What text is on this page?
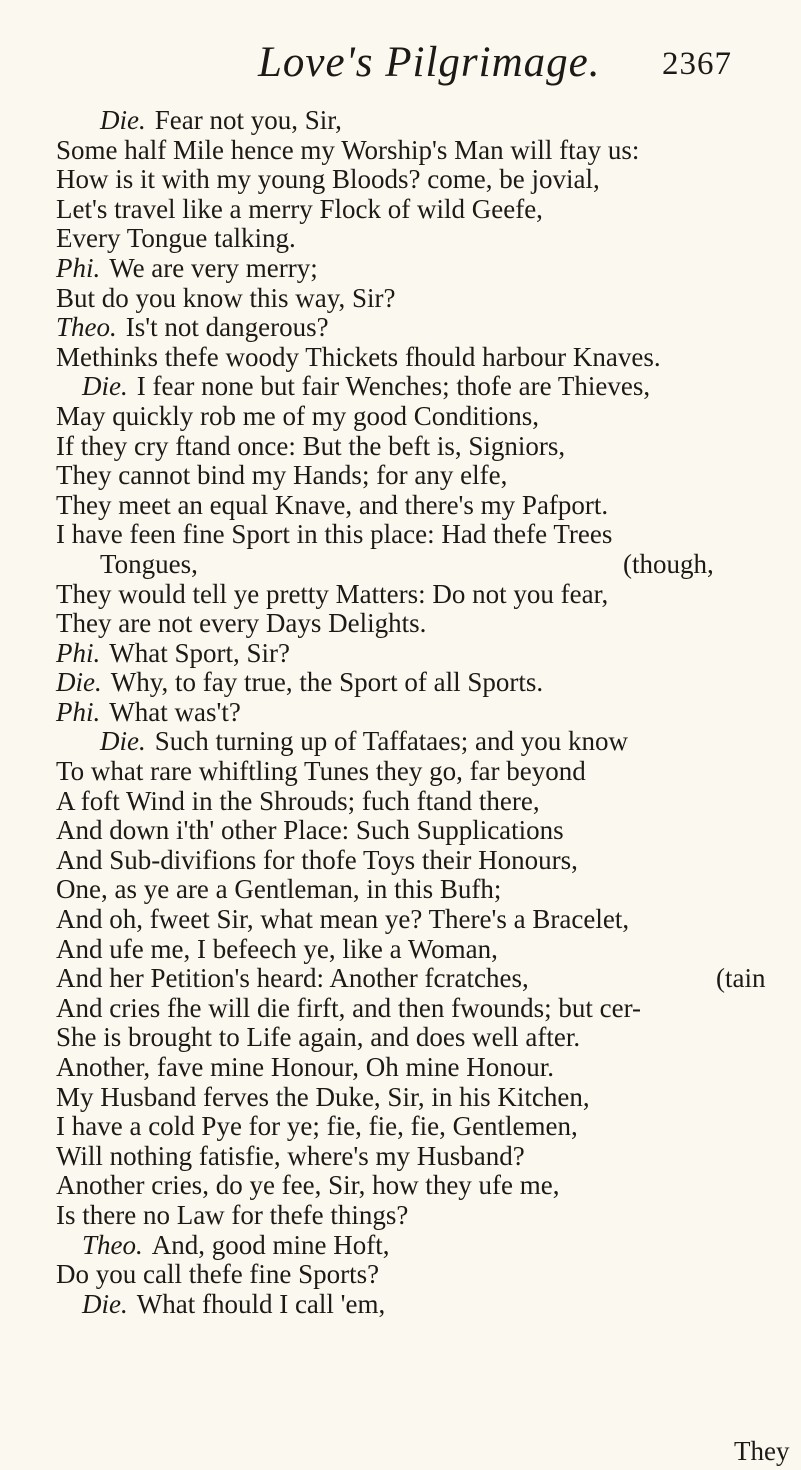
Love's Pilgrimage. 2367
Die. Fear not you, Sir,
Some half Mile hence my Worship's Man will ftay us:
How is it with my young Bloods? come, be jovial,
Let's travel like a merry Flock of wild Geefe,
Every Tongue talking.
Phi. We are very merry;
But do you know this way, Sir?
Theo. Is't not dangerous?
Methinks thefe woody Thickets fhould harbour Knaves.
Die. I fear none but fair Wenches; thofe are Thieves,
May quickly rob me of my good Conditions,
If they cry ftand once: But the beft is, Signiors,
They cannot bind my Hands; for any elfe,
They meet an equal Knave, and there's my Pafport.
I have feen fine Sport in this place: Had thefe Trees
Tongues,	(though,
They would tell ye pretty Matters: Do not you fear,
They are not every Days Delights.
Phi. What Sport, Sir?
Die. Why, to fay true, the Sport of all Sports.
Phi. What was't?
Die. Such turning up of Taffataes; and you know
To what rare whiftling Tunes they go, far beyond
A foft Wind in the Shrouds; fuch ftand there,
And down i'th' other Place: Such Supplications
And Sub-divifions for thofe Toys their Honours,
One, as ye are a Gentleman, in this Bufh;
And oh, fweet Sir, what mean ye? There's a Bracelet,
And ufe me, I befeech ye, like a Woman,
And her Petition's heard: Another fcratches,	(tain
And cries fhe will die firft, and then fwounds; but cer-
She is brought to Life again, and does well after.
Another, fave mine Honour, Oh mine Honour.
My Husband ferves the Duke, Sir, in his Kitchen,
I have a cold Pye for ye; fie, fie, fie, Gentlemen,
Will nothing fatisfie, where's my Husband?
Another cries, do ye fee, Sir, how they ufe me,
Is there no Law for thefe things?
Theo. And, good mine Hoft,
Do you call thefe fine Sports?
Die. What fhould I call 'em,
They
